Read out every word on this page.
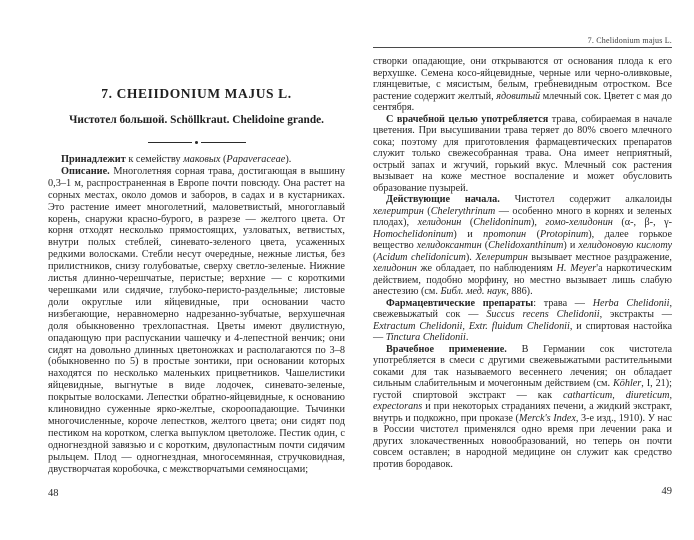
7. CHEIIDONIUM MAJUS L.
Чистотел большой. Schöllkraut. Chelidoine grande.

Принадлежит к семейству маковых (Papaveraceae).

Описание. Многолетняя сорная трава, достигающая в вышину 0,3–1 м, распространенная в Европе почти повсюду. Она растет на сорных местах, около домов и заборов, в садах и в кустарниках. Это растение имеет многолетний, маловетвистый, многоглавый корень, снаружи красно-бурого, в разрезе — желтого цвета. От корня отходят несколько прямостоящих, узловатых, ветвистых, внутри полых стеблей, синевато-зеленого цвета, усаженных редкими волосками. Стебли несут очередные, нежные листья, без прилистников, снизу голубоватые, сверху светло-зеленые. Нижние листья длинно-черешчатые, перистые; верхние — с короткими черешками или сидячие, глубоко-перисто-раздельные; листовые доли округлые или яйцевидные, при основании часто низбегающие, неравномерно надрезанно-зубчатые, верхушечная доля обыкновенно трехлопастная. Цветы имеют двулистную, опадающую при распускании чашечку и 4-лепестной венчик; они сидят на довольно длинных цветоножках и располагаются по 3–8 (обыкновенно по 5) в простые зонтики, при основании которых находятся по несколько маленьких прицветников. Чашелистики яйцевидные, выгнутые в виде лодочек, синевато-зеленые, покрытые волосками. Лепестки обратно-яйцевидные, к основанию клиновидно суженные ярко-желтые, скороопадающие. Тычинки многочисленные, короче лепестков, желтого цвета; они сидят под пестиком на коротком, слегка выпуклом цветоложе. Пестик один, с одногнездной завязью и с коротким, двулопастным почти сидячим рыльцем. Плод — одногнездная, многосемянная, стручковидная, двустворчатая коробочка, с межстворчатыми семяносцами;

7. Chelidonium majus L.

створки опадающие, они открываются от основания плода к его верхушке. Семена косо-яйцевидные, черные или черно-оливковые, глянцевитые, с мясистым, белым, гребневидным отростком. Все растение содержит желтый, ядовитый млечный сок. Цветет с мая до сентября.

С врачебной целью употребляется трава, собираемая в начале цветения. При высушивании трава теряет до 80% своего млечного сока; поэтому для приготовления фармацевтических препаратов служит только свежесобранная трава. Она имеет неприятный, острый запах и жгучий, горький вкус. Млечный сок растения вызывает на коже местное воспаление и может обусловить образование пузырей.

Действующие начала. Чистотел содержит алкалоиды хелеритрин (Chelerythrinum — особенно много в корнях и зеленых плодах), хелидонин (Chelidoninum), гомо-хелидонин (α-, β-, γ-Homochelidoninum) и протопин (Protopinum), далее горькое вещество хелидоксантин (Chelidoxanthinum) и хелидоновую кислоту (Acidum chelidonicum). Хелеритрин вызывает местное раздражение, хелидонин же обладает, по наблюдениям H. Meyer'а наркотическим действием, подобно морфину, но местно вызывает лишь слабую анестезию (см. Библ. мед. наук, 886).

Фармацевтические препараты: трава — Herba Chelidonii, свежевыжатый сок — Succus recens Chelidonii, экстракты — Extractum Chelidonii, Extr. fluidum Chelidonii, и спиртовая настойка — Tinctura Chelidonii.

Врачебное применение. В Германии сок чистотела употребляется в смеси с другими свежевыжатыми растительными соками для так называемого весеннего лечения; он обладает сильным слабительным и мочегонным действием (см. Köhler, I, 21); густой спиртовой экстракт — как catharticum, diureticum, expectorans и при некоторых страданиях печени, а жидкий экстракт, внутрь и подкожно, при проказе (Merck's Index, 3-е изд., 1910). У нас в России чистотел применялся одно время при лечении рака и других злокачественных новообразований, но теперь он почти совсем оставлен; в народной медицине он служит как средство против бородавок.

48	49
